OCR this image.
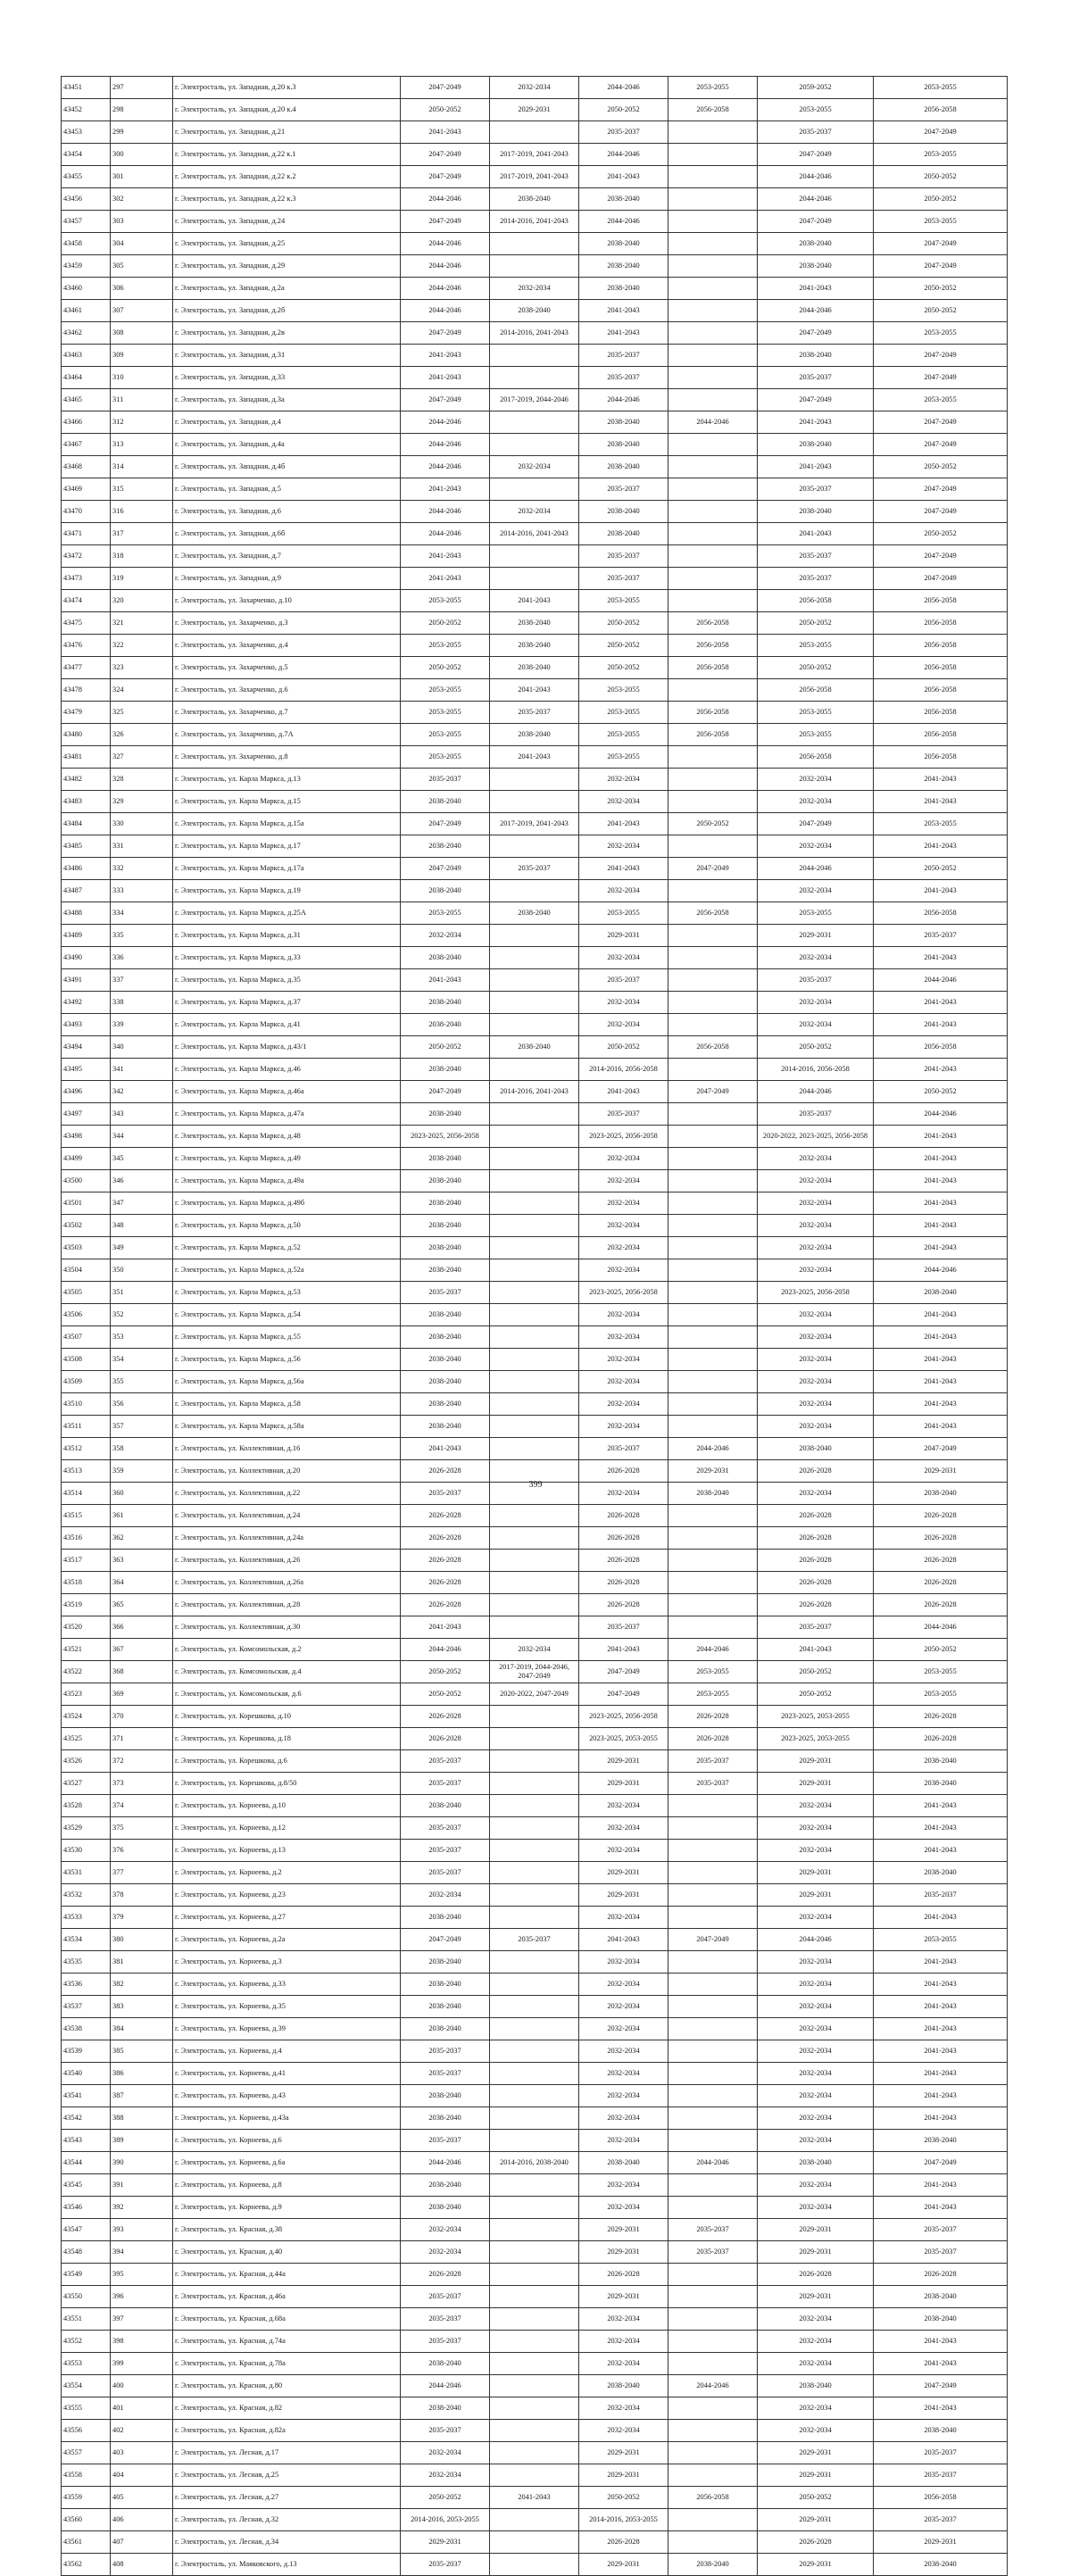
43451	297	г. Электросталь, ул. Западная, д.20 к.3	2047-2049	2032-2034	2044-2046	2053-2055	2059-2052	2053-2055
43452	298	г. Электросталь, ул. Западная, д.20 к.4	2050-2052	2029-2031	2050-2052	2056-2058	2053-2055	2056-2058
43453	299	г. Электросталь, ул. Западная, д.21	2041-2043		2035-2037		2035-2037	2047-2049
43454	300	г. Электросталь, ул. Западная, д.22 к.1	2047-2049	2017-2019, 2041-2043	2044-2046		2047-2049	2053-2055
43455	301	г. Электросталь, ул. Западная, д.22 к.2	2047-2049	2017-2019, 2041-2043	2041-2043		2044-2046	2050-2052
43456	302	г. Электросталь, ул. Западная, д.22 к.3	2044-2046	2038-2040	2038-2040		2044-2046	2050-2052
43457	303	г. Электросталь, ул. Западная, д.24	2047-2049	2014-2016, 2041-2043	2044-2046		2047-2049	2053-2055
43458	304	г. Электросталь, ул. Западная, д.25	2044-2046		2038-2040		2038-2040	2047-2049
43459	305	г. Электросталь, ул. Западная, д.29	2044-2046		2038-2040		2038-2040	2047-2049
43460	306	г. Электросталь, ул. Западная, д.2а	2044-2046	2032-2034	2038-2040		2041-2043	2050-2052
43461	307	г. Электросталь, ул. Западная, д.2б	2044-2046	2038-2040	2041-2043		2044-2046	2050-2052
43462	308	г. Электросталь, ул. Западная, д.2в	2047-2049	2014-2016, 2041-2043	2041-2043		2047-2049	2053-2055
43463	309	г. Электросталь, ул. Западная, д.31	2041-2043		2035-2037		2038-2040	2047-2049
43464	310	г. Электросталь, ул. Западная, д.33	2041-2043		2035-2037		2035-2037	2047-2049
43465	311	г. Электросталь, ул. Западная, д.3а	2047-2049	2017-2019, 2044-2046	2044-2046		2047-2049	2053-2055
43466	312	г. Электросталь, ул. Западная, д.4	2044-2046		2038-2040	2044-2046	2041-2043	2047-2049
43467	313	г. Электросталь, ул. Западная, д.4а	2044-2046		2038-2040		2038-2040	2047-2049
43468	314	г. Электросталь, ул. Западная, д.4б	2044-2046	2032-2034	2038-2040		2041-2043	2050-2052
43469	315	г. Электросталь, ул. Западная, д.5	2041-2043		2035-2037		2035-2037	2047-2049
43470	316	г. Электросталь, ул. Западная, д.6	2044-2046	2032-2034	2038-2040		2038-2040	2047-2049
43471	317	г. Электросталь, ул. Западная, д.6б	2044-2046	2014-2016, 2041-2043	2038-2040		2041-2043	2050-2052
43472	318	г. Электросталь, ул. Западная, д.7	2041-2043		2035-2037		2035-2037	2047-2049
43473	319	г. Электросталь, ул. Западная, д.9	2041-2043		2035-2037		2035-2037	2047-2049
43474	320	г. Электросталь, ул. Захарченко, д.10	2053-2055	2041-2043	2053-2055		2056-2058	2056-2058
43475	321	г. Электросталь, ул. Захарченко, д.3	2050-2052	2038-2040	2050-2052	2056-2058	2050-2052	2056-2058
43476	322	г. Электросталь, ул. Захарченко, д.4	2053-2055	2038-2040	2050-2052	2056-2058	2053-2055	2056-2058
43477	323	г. Электросталь, ул. Захарченко, д.5	2050-2052	2038-2040	2050-2052	2056-2058	2050-2052	2056-2058
43478	324	г. Электросталь, ул. Захарченко, д.6	2053-2055	2041-2043	2053-2055		2056-2058	2056-2058
43479	325	г. Электросталь, ул. Захарченко, д.7	2053-2055	2035-2037	2053-2055	2056-2058	2053-2055	2056-2058
43480	326	г. Электросталь, ул. Захарченко, д.7А	2053-2055	2038-2040	2053-2055	2056-2058	2053-2055	2056-2058
43481	327	г. Электросталь, ул. Захарченко, д.8	2053-2055	2041-2043	2053-2055		2056-2058	2056-2058
43482	328	г. Электросталь, ул. Карла Маркса, д.13	2035-2037		2032-2034		2032-2034	2041-2043
43483	329	г. Электросталь, ул. Карла Маркса, д.15	2038-2040		2032-2034		2032-2034	2041-2043
43484	330	г. Электросталь, ул. Карла Маркса, д.15а	2047-2049	2017-2019, 2041-2043	2041-2043	2050-2052	2047-2049	2053-2055
43485	331	г. Электросталь, ул. Карла Маркса, д.17	2038-2040		2032-2034		2032-2034	2041-2043
43486	332	г. Электросталь, ул. Карла Маркса, д.17а	2047-2049	2035-2037	2041-2043	2047-2049	2044-2046	2050-2052
43487	333	г. Электросталь, ул. Карла Маркса, д.19	2038-2040		2032-2034		2032-2034	2041-2043
43488	334	г. Электросталь, ул. Карла Маркса, д.25А	2053-2055	2038-2040	2053-2055	2056-2058	2053-2055	2056-2058
43489	335	г. Электросталь, ул. Карла Маркса, д.31	2032-2034		2029-2031		2029-2031	2035-2037
43490	336	г. Электросталь, ул. Карла Маркса, д.33	2038-2040		2032-2034		2032-2034	2041-2043
43491	337	г. Электросталь, ул. Карла Маркса, д.35	2041-2043		2035-2037		2035-2037	2044-2046
43492	338	г. Электросталь, ул. Карла Маркса, д.37	2038-2040		2032-2034		2032-2034	2041-2043
43493	339	г. Электросталь, ул. Карла Маркса, д.41	2038-2040		2032-2034		2032-2034	2041-2043
43494	340	г. Электросталь, ул. Карла Маркса, д.43/1	2050-2052	2038-2040	2050-2052	2056-2058	2050-2052	2056-2058
43495	341	г. Электросталь, ул. Карла Маркса, д.46	2038-2040		2014-2016, 2056-2058		2014-2016, 2056-2058	2041-2043
43496	342	г. Электросталь, ул. Карла Маркса, д.46а	2047-2049	2014-2016, 2041-2043	2041-2043	2047-2049	2044-2046	2050-2052
43497	343	г. Электросталь, ул. Карла Маркса, д.47а	2038-2040		2035-2037		2035-2037	2044-2046
43498	344	г. Электросталь, ул. Карла Маркса, д.48	2023-2025, 2056-2058		2023-2025, 2056-2058		2020-2022, 2023-2025, 2056-2058	2041-2043
43499	345	г. Электросталь, ул. Карла Маркса, д.49	2038-2040		2032-2034		2032-2034	2041-2043
43500	346	г. Электросталь, ул. Карла Маркса, д.49а	2038-2040		2032-2034		2032-2034	2041-2043
43501	347	г. Электросталь, ул. Карла Маркса, д.49б	2038-2040		2032-2034		2032-2034	2041-2043
43502	348	г. Электросталь, ул. Карла Маркса, д.50	2038-2040		2032-2034		2032-2034	2041-2043
43503	349	г. Электросталь, ул. Карла Маркса, д.52	2038-2040		2032-2034		2032-2034	2041-2043
43504	350	г. Электросталь, ул. Карла Маркса, д.52а	2038-2040		2032-2034		2032-2034	2044-2046
43505	351	г. Электросталь, ул. Карла Маркса, д.53	2035-2037		2023-2025, 2056-2058		2023-2025, 2056-2058	2038-2040
43506	352	г. Электросталь, ул. Карла Маркса, д.54	2038-2040		2032-2034		2032-2034	2041-2043
43507	353	г. Электросталь, ул. Карла Маркса, д.55	2038-2040		2032-2034		2032-2034	2041-2043
43508	354	г. Электросталь, ул. Карла Маркса, д.56	2038-2040		2032-2034		2032-2034	2041-2043
43509	355	г. Электросталь, ул. Карла Маркса, д.56а	2038-2040		2032-2034		2032-2034	2041-2043
43510	356	г. Электросталь, ул. Карла Маркса, д.58	2038-2040		2032-2034		2032-2034	2041-2043
43511	357	г. Электросталь, ул. Карла Маркса, д.58а	2038-2040		2032-2034		2032-2034	2041-2043
43512	358	г. Электросталь, ул. Коллективная, д.16	2041-2043		2035-2037	2044-2046	2038-2040	2047-2049
43513	359	г. Электросталь, ул. Коллективная, д.20	2026-2028		2026-2028	2029-2031	2026-2028	2029-2031
43514	360	г. Электросталь, ул. Коллективная, д.22	2035-2037		2032-2034	2038-2040	2032-2034	2038-2040
43515	361	г. Электросталь, ул. Коллективная, д.24	2026-2028		2026-2028		2026-2028	2026-2028
43516	362	г. Электросталь, ул. Коллективная, д.24а	2026-2028		2026-2028		2026-2028	2026-2028
43517	363	г. Электросталь, ул. Коллективная, д.26	2026-2028		2026-2028		2026-2028	2026-2028
43518	364	г. Электросталь, ул. Коллективная, д.26а	2026-2028		2026-2028		2026-2028	2026-2028
43519	365	г. Электросталь, ул. Коллективная, д.28	2026-2028		2026-2028		2026-2028	2026-2028
43520	366	г. Электросталь, ул. Коллективная, д.30	2041-2043		2035-2037		2035-2037	2044-2046
43521	367	г. Электросталь, ул. Комсомольская, д.2	2044-2046	2032-2034	2041-2043	2044-2046	2041-2043	2050-2052
43522	368	г. Электросталь, ул. Комсомольская, д.4	2050-2052	2017-2019, 2044-2046, 2047-2049	2047-2049	2053-2055	2050-2052	2053-2055
43523	369	г. Электросталь, ул. Комсомольская, д.6	2050-2052	2020-2022, 2047-2049	2047-2049	2053-2055	2050-2052	2053-2055
43524	370	г. Электросталь, ул. Корешкова, д.10	2026-2028		2023-2025, 2056-2058	2026-2028	2023-2025, 2053-2055	2026-2028
43525	371	г. Электросталь, ул. Корешкова, д.18	2026-2028		2023-2025, 2053-2055	2026-2028	2023-2025, 2053-2055	2026-2028
43526	372	г. Электросталь, ул. Корешкова, д.6	2035-2037		2029-2031	2035-2037	2029-2031	2038-2040
43527	373	г. Электросталь, ул. Корешкова, д.8/50	2035-2037		2029-2031	2035-2037	2029-2031	2038-2040
43528	374	г. Электросталь, ул. Корнеева, д.10	2038-2040		2032-2034		2032-2034	2041-2043
43529	375	г. Электросталь, ул. Корнеева, д.12	2035-2037		2032-2034		2032-2034	2041-2043
43530	376	г. Электросталь, ул. Корнеева, д.13	2035-2037		2032-2034		2032-2034	2041-2043
43531	377	г. Электросталь, ул. Корнеева, д.2	2035-2037		2029-2031		2029-2031	2038-2040
43532	378	г. Электросталь, ул. Корнеева, д.23	2032-2034		2029-2031		2029-2031	2035-2037
43533	379	г. Электросталь, ул. Корнеева, д.27	2038-2040		2032-2034		2032-2034	2041-2043
43534	380	г. Электросталь, ул. Корнеева, д.2а	2047-2049	2035-2037	2041-2043	2047-2049	2044-2046	2053-2055
43535	381	г. Электросталь, ул. Корнеева, д.3	2038-2040		2032-2034		2032-2034	2041-2043
43536	382	г. Электросталь, ул. Корнеева, д.33	2038-2040		2032-2034		2032-2034	2041-2043
43537	383	г. Электросталь, ул. Корнеева, д.35	2038-2040		2032-2034		2032-2034	2041-2043
43538	384	г. Электросталь, ул. Корнеева, д.39	2038-2040		2032-2034		2032-2034	2041-2043
43539	385	г. Электросталь, ул. Корнеева, д.4	2035-2037		2032-2034		2032-2034	2041-2043
43540	386	г. Электросталь, ул. Корнеева, д.41	2035-2037		2032-2034		2032-2034	2041-2043
43541	387	г. Электросталь, ул. Корнеева, д.43	2038-2040		2032-2034		2032-2034	2041-2043
43542	388	г. Электросталь, ул. Корнеева, д.43а	2038-2040		2032-2034		2032-2034	2041-2043
43543	389	г. Электросталь, ул. Корнеева, д.6	2035-2037		2032-2034		2032-2034	2038-2040
43544	390	г. Электросталь, ул. Корнеева, д.6а	2044-2046	2014-2016, 2038-2040	2038-2040	2044-2046	2038-2040	2047-2049
43545	391	г. Электросталь, ул. Корнеева, д.8	2038-2040		2032-2034		2032-2034	2041-2043
43546	392	г. Электросталь, ул. Корнеева, д.9	2038-2040		2032-2034		2032-2034	2041-2043
43547	393	г. Электросталь, ул. Красная, д.38	2032-2034		2029-2031	2035-2037	2029-2031	2035-2037
43548	394	г. Электросталь, ул. Красная, д.40	2032-2034		2029-2031	2035-2037	2029-2031	2035-2037
43549	395	г. Электросталь, ул. Красная, д.44а	2026-2028		2026-2028		2026-2028	2026-2028
43550	396	г. Электросталь, ул. Красная, д.46а	2035-2037		2029-2031		2029-2031	2038-2040
43551	397	г. Электросталь, ул. Красная, д.68а	2035-2037		2032-2034		2032-2034	2038-2040
43552	398	г. Электросталь, ул. Красная, д.74а	2035-2037		2032-2034		2032-2034	2041-2043
43553	399	г. Электросталь, ул. Красная, д.78а	2038-2040		2032-2034		2032-2034	2041-2043
43554	400	г. Электросталь, ул. Красная, д.80	2044-2046		2038-2040	2044-2046	2038-2040	2047-2049
43555	401	г. Электросталь, ул. Красная, д.82	2038-2040		2032-2034		2032-2034	2041-2043
43556	402	г. Электросталь, ул. Красная, д.82а	2035-2037		2032-2034		2032-2034	2038-2040
43557	403	г. Электросталь, ул. Лесная, д.17	2032-2034		2029-2031		2029-2031	2035-2037
43558	404	г. Электросталь, ул. Лесная, д.25	2032-2034		2029-2031		2029-2031	2035-2037
43559	405	г. Электросталь, ул. Лесная, д.27	2050-2052	2041-2043	2050-2052	2056-2058	2050-2052	2056-2058
43560	406	г. Электросталь, ул. Лесная, д.32	2014-2016, 2053-2055		2014-2016, 2053-2055		2029-2031	2035-2037
43561	407	г. Электросталь, ул. Лесная, д.34	2029-2031		2026-2028		2026-2028	2029-2031
43562	408	г. Электросталь, ул. Маяковского, д.13	2035-2037		2029-2031	2038-2040	2029-2031	2038-2040
399
